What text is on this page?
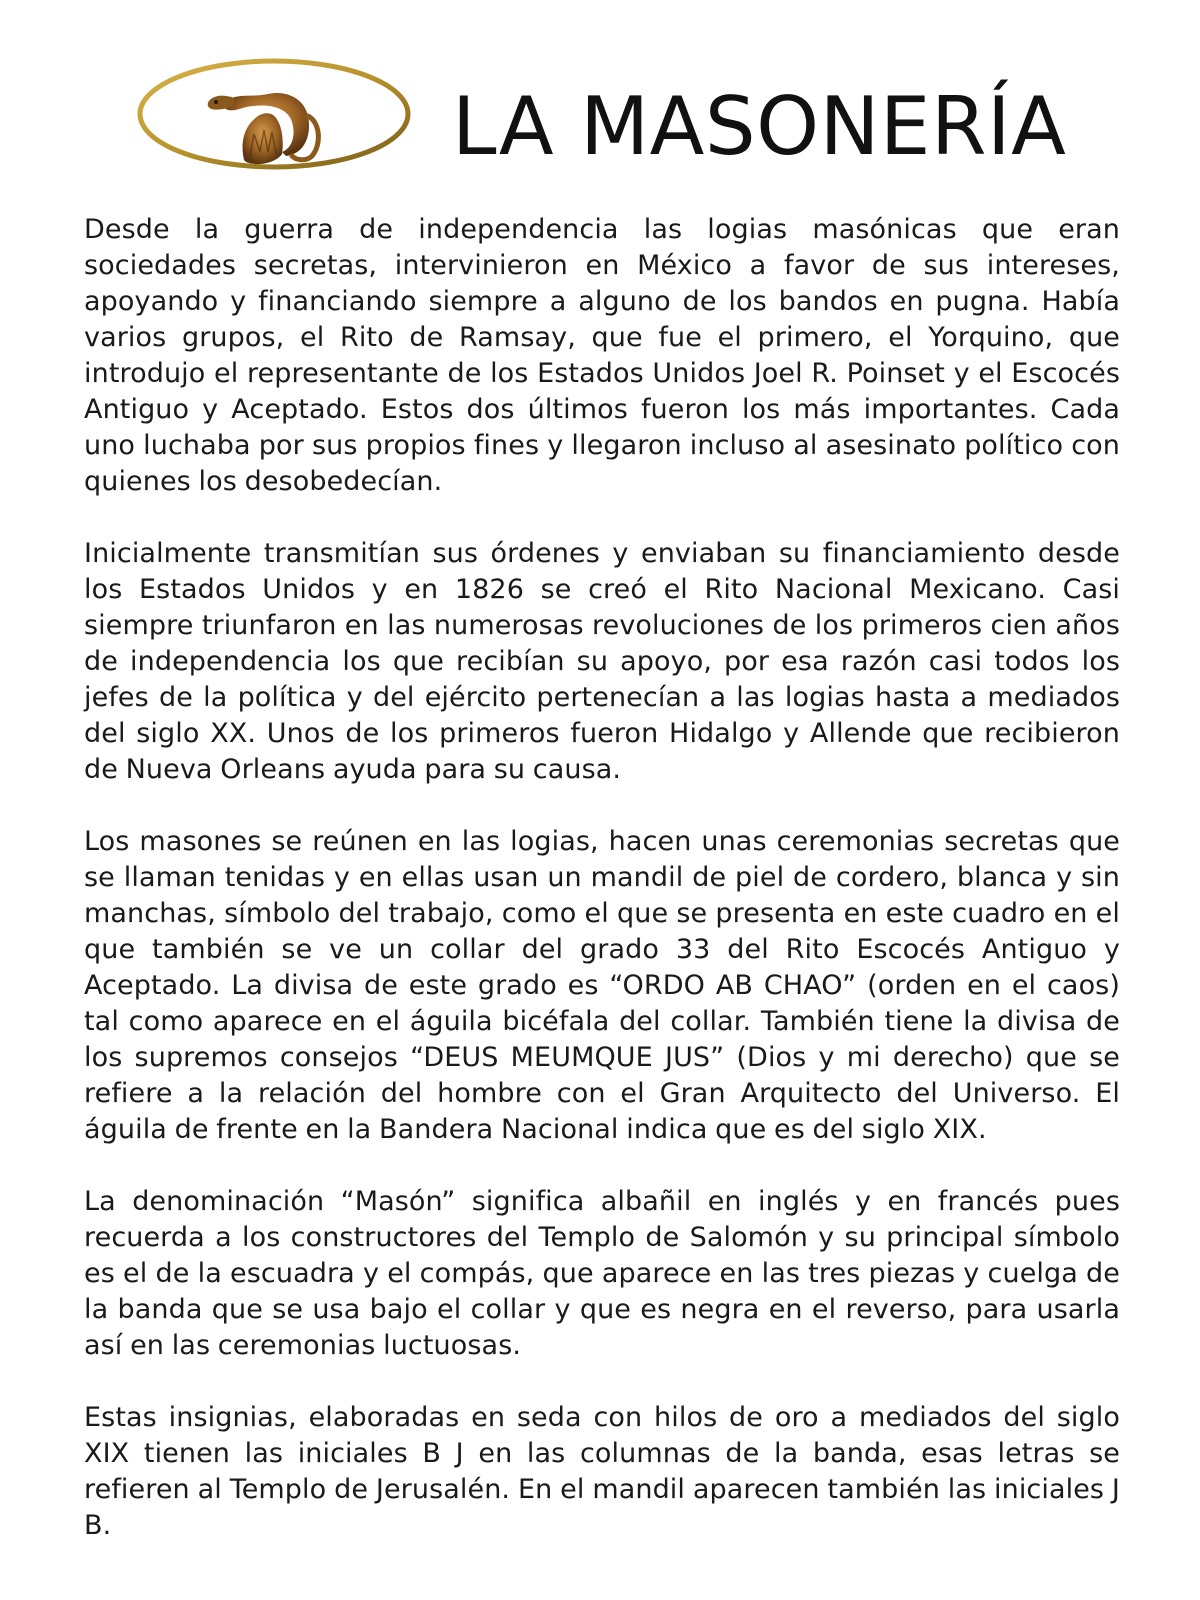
LA MASONERÍA

Desde la guerra de independencia las logias masónicas que eran sociedades secretas, intervinieron en México a favor de sus intereses, apoyando y financiando siempre a alguno de los bandos en pugna. Había varios grupos, el Rito de Ramsay, que fue el primero, el Yorquino, que introdujo el representante de los Estados Unidos Joel R. Poinset y el Escocés Antiguo y Aceptado. Estos dos últimos fueron los más importantes. Cada uno luchaba por sus propios fines y llegaron incluso al asesinato político con quienes los desobedecían.

Inicialmente transmitían sus órdenes y enviaban su financiamiento desde los Estados Unidos y en 1826 se creó el Rito Nacional Mexicano. Casi siempre triunfaron en las numerosas revoluciones de los primeros cien años de independencia los que recibían su apoyo, por esa razón casi todos los jefes de la política y del ejército pertenecían a las logias hasta a mediados del siglo XX. Unos de los primeros fueron Hidalgo y Allende que recibieron de Nueva Orleans ayuda para su causa.

Los masones se reúnen en las logias, hacen unas ceremonias secretas que se llaman tenidas y en ellas usan un mandil de piel de cordero, blanca y sin manchas, símbolo del trabajo, como el que se presenta en este cuadro en el que también se ve un collar del grado 33 del Rito Escocés Antiguo y Aceptado. La divisa de este grado es “ORDO AB CHAO” (orden en el caos) tal como aparece en el águila bicéfala del collar. También tiene la divisa de los supremos consejos “DEUS MEUMQUE JUS” (Dios y mi derecho) que se refiere a la relación del hombre con el Gran Arquitecto del Universo. El águila de frente en la Bandera Nacional indica que es del siglo XIX.

La denominación “Masón” significa albañil en inglés y en francés pues recuerda a los constructores del Templo de Salomón y su principal símbolo es el de la escuadra y el compás, que aparece en las tres piezas y cuelga de la banda que se usa bajo el collar y que es negra en el reverso, para usarla así en las ceremonias luctuosas.

Estas insignias, elaboradas en seda con hilos de oro a mediados del siglo XIX tienen las iniciales B J en las columnas de la banda, esas letras se refieren al Templo de Jerusalén. En el mandil aparecen también las iniciales J B.
